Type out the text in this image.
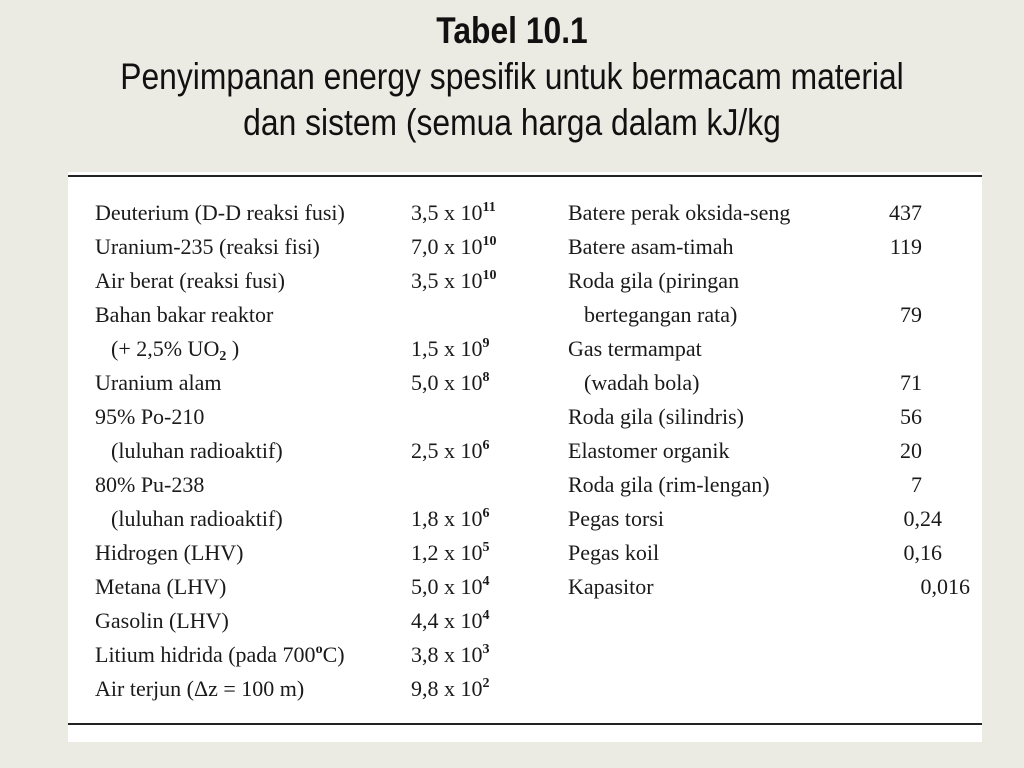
Tabel 10.1
Penyimpanan energy spesifik untuk bermacam material
dan sistem (semua harga dalam kJ/kg
Deuterium (D-D reaksi fusi)	3,5 x $10^{11}$
Uranium-235 (reaksi fisi)	7,0 x $10^{10}$
Air berat (reaksi fusi)	3,5 x $10^{10}$
Bahan bakar reaktor
(+ 2,5% $UO_2$ )	1,5 x $10^9$
Uranium alam	5,0 x $10^8$
95% Po-210
(luluhan radioaktif)	2,5 x $10^6$
80% Pu-238
(luluhan radioaktif)	1,8 x $10^6$
Hidrogen (LHV)	1,2 x $10^5$
Metana (LHV)	5,0 x $10^4$
Gasolin (LHV)	4,4 x $10^4$
Litium hidrida (pada 700$^o$C)	3,8 x $10^3$
Air terjun (Δz = 100 m)	9,8 x $10^2$
Batere perak oksida-seng	437
Batere asam-timah	119
Roda gila (piringan
bertegangan rata)	79
Gas termampat
(wadah bola)	71
Roda gila (silindris)	56
Elastomer organik	20
Roda gila (rim-lengan)	7
Pegas torsi	0,24
Pegas koil	0,16
Kapasitor	0,016
